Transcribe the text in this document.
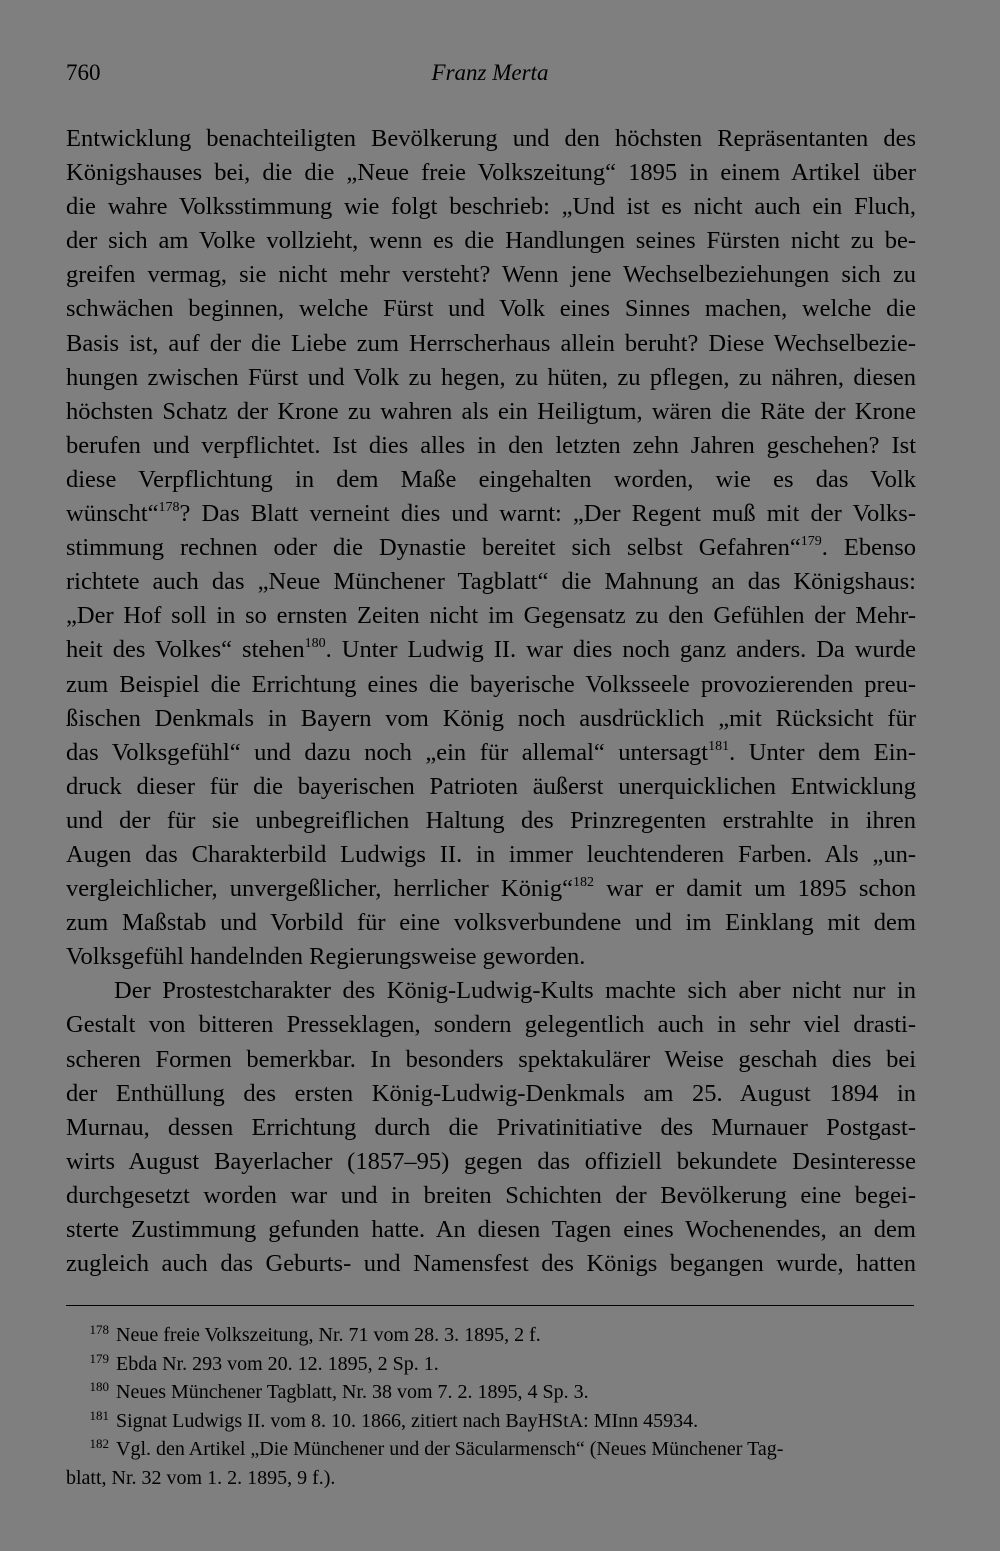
760	Franz Merta
Entwicklung benachteiligten Bevölkerung und den höchsten Repräsentanten des
Königshauses bei, die die „Neue freie Volkszeitung“ 1895 in einem Artikel über
die wahre Volksstimmung wie folgt beschrieb: „Und ist es nicht auch ein Fluch,
der sich am Volke vollzieht, wenn es die Handlungen seines Fürsten nicht zu be-
greifen vermag, sie nicht mehr versteht? Wenn jene Wechselbeziehungen sich zu
schwächen beginnen, welche Fürst und Volk eines Sinnes machen, welche die
Basis ist, auf der die Liebe zum Herrscherhaus allein beruht? Diese Wechselbezie-
hungen zwischen Fürst und Volk zu hegen, zu hüten, zu pflegen, zu nähren, diesen
höchsten Schatz der Krone zu wahren als ein Heiligtum, wären die Räte der Krone
berufen und verpflichtet. Ist dies alles in den letzten zehn Jahren geschehen? Ist
diese Verpflichtung in dem Maße eingehalten worden, wie es das Volk
wünscht“$^{178}$? Das Blatt verneint dies und warnt: „Der Regent muß mit der Volks-
stimmung rechnen oder die Dynastie bereitet sich selbst Gefahren“$^{179}$. Ebenso
richtete auch das „Neue Münchener Tagblatt“ die Mahnung an das Königshaus:
„Der Hof soll in so ernsten Zeiten nicht im Gegensatz zu den Gefühlen der Mehr-
heit des Volkes“ stehen$^{180}$. Unter Ludwig II. war dies noch ganz anders. Da wurde
zum Beispiel die Errichtung eines die bayerische Volksseele provozierenden preu-
ßischen Denkmals in Bayern vom König noch ausdrücklich „mit Rücksicht für
das Volksgefühl“ und dazu noch „ein für allemal“ untersagt$^{181}$. Unter dem Ein-
druck dieser für die bayerischen Patrioten äußerst unerquicklichen Entwicklung
und der für sie unbegreiflichen Haltung des Prinzregenten erstrahlte in ihren
Augen das Charakterbild Ludwigs II. in immer leuchtenderen Farben. Als „un-
vergleichlicher, unvergeßlicher, herrlicher König“$^{182}$ war er damit um 1895 schon
zum Maßstab und Vorbild für eine volksverbundene und im Einklang mit dem
Volksgefühl handelnden Regierungsweise geworden.
Der Prostestcharakter des König-Ludwig-Kults machte sich aber nicht nur in
Gestalt von bitteren Presseklagen, sondern gelegentlich auch in sehr viel drasti-
scheren Formen bemerkbar. In besonders spektakulärer Weise geschah dies bei
der Enthüllung des ersten König-Ludwig-Denkmals am 25. August 1894 in
Murnau, dessen Errichtung durch die Privatinitiative des Murnauer Postgast-
wirts August Bayerlacher (1857–95) gegen das offiziell bekundete Desinteresse
durchgesetzt worden war und in breiten Schichten der Bevölkerung eine begei-
sterte Zustimmung gefunden hatte. An diesen Tagen eines Wochenendes, an dem
zugleich auch das Geburts- und Namensfest des Königs begangen wurde, hatten
178 Neue freie Volkszeitung, Nr. 71 vom 28. 3. 1895, 2 f.
179 Ebda Nr. 293 vom 20. 12. 1895, 2 Sp. 1.
180 Neues Münchener Tagblatt, Nr. 38 vom 7. 2. 1895, 4 Sp. 3.
181 Signat Ludwigs II. vom 8. 10. 1866, zitiert nach BayHStA: MInn 45934.
182 Vgl. den Artikel „Die Münchener und der Säcularmensch“ (Neues Münchener Tag-
blatt, Nr. 32 vom 1. 2. 1895, 9 f.).
